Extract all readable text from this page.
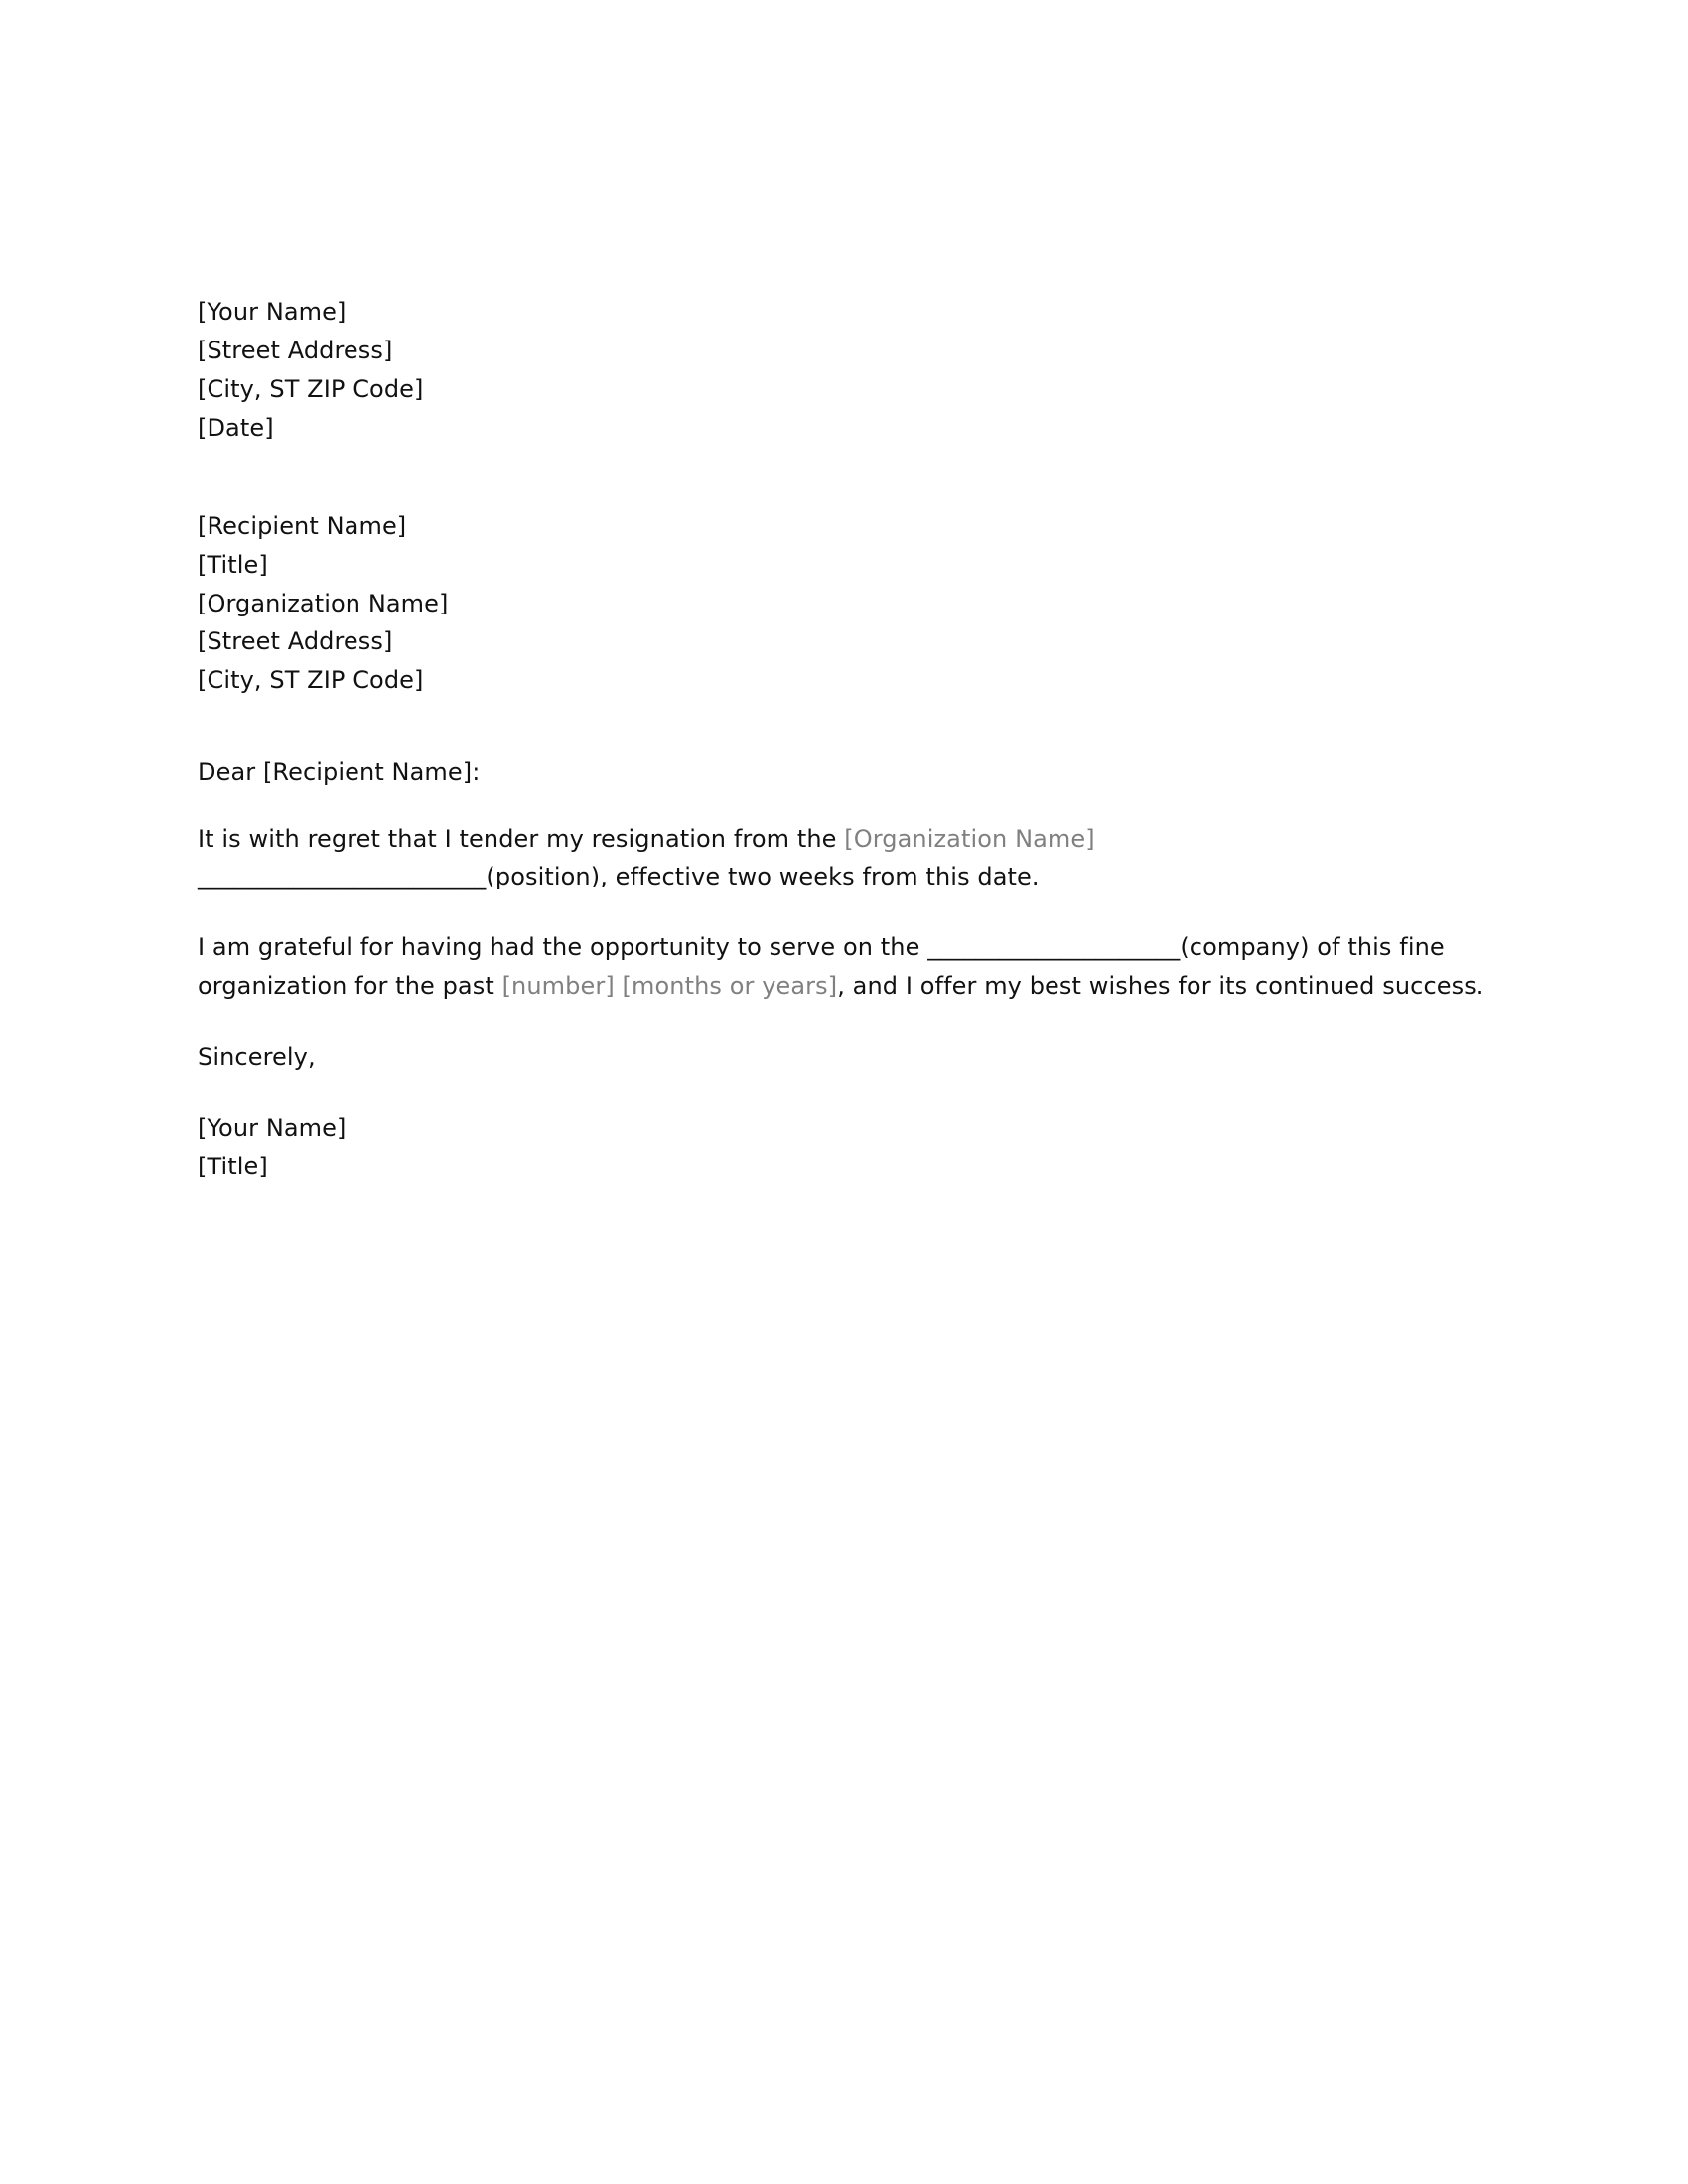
[Your Name]
[Street Address]
[City, ST ZIP Code]
[Date]
[Recipient Name]
[Title]
[Organization Name]
[Street Address]
[City, ST ZIP Code]
Dear [Recipient Name]:
It is with regret that I tender my resignation from the [Organization Name]
________________________(position), effective two weeks from this date.
I am grateful for having had the opportunity to serve on the _____________________(company) of this fine
organization for the past [number] [months or years], and I offer my best wishes for its continued success.
Sincerely,
[Your Name]
[Title]
